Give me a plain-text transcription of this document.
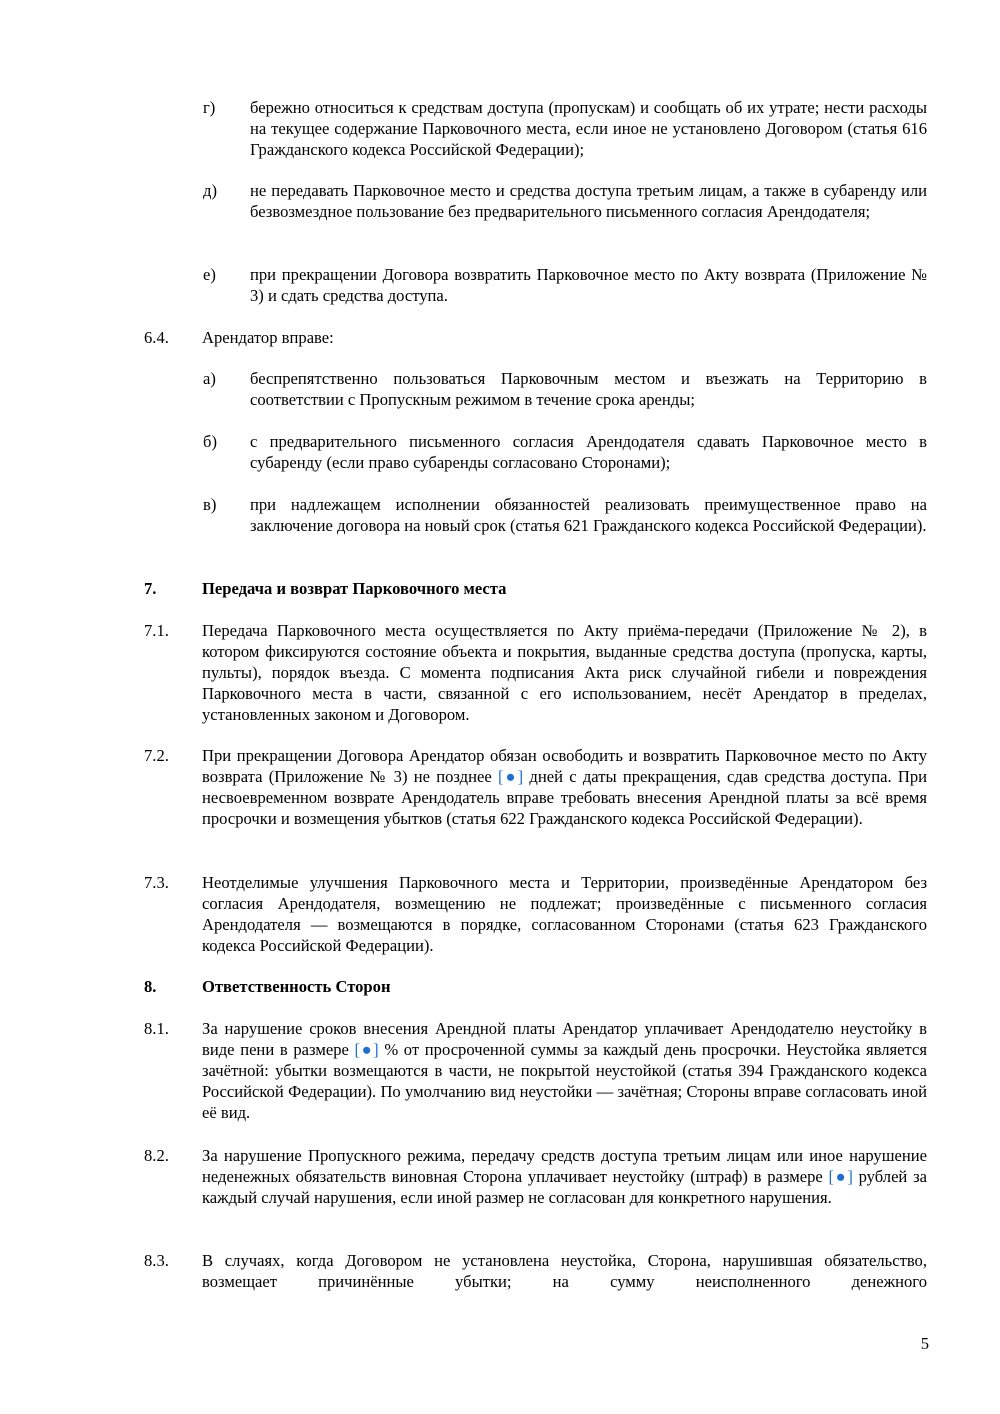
г)	бережно относиться к средствам доступа (пропускам) и сообщать об их утрате; нести расходы на текущее содержание Парковочного места, если иное не установлено Договором (статья 616 Гражданского кодекса Российской Федерации);
д)	не передавать Парковочное место и средства доступа третьим лицам, а также в субаренду или безвозмездное пользование без предварительного письменного согласия Арендодателя;
е)	при прекращении Договора возвратить Парковочное место по Акту возврата (Приложение № 3) и сдать средства доступа.
6.4.	Арендатор вправе:
а)	беспрепятственно пользоваться Парковочным местом и въезжать на Территорию в соответствии с Пропускным режимом в течение срока аренды;
б)	с предварительного письменного согласия Арендодателя сдавать Парковочное место в субаренду (если право субаренды согласовано Сторонами);
в)	при надлежащем исполнении обязанностей реализовать преимущественное право на заключение договора на новый срок (статья 621 Гражданского кодекса Российской Федерации).
7.	Передача и возврат Парковочного места
7.1.	Передача Парковочного места осуществляется по Акту приёма-передачи (Приложение № 2), в котором фиксируются состояние объекта и покрытия, выданные средства доступа (пропуска, карты, пульты), порядок въезда. С момента подписания Акта риск случайной гибели и повреждения Парковочного места в части, связанной с его использованием, несёт Арендатор в пределах, установленных законом и Договором.
7.2.	При прекращении Договора Арендатор обязан освободить и возвратить Парковочное место по Акту возврата (Приложение № 3) не позднее [●] дней с даты прекращения, сдав средства доступа. При несвоевременном возврате Арендодатель вправе требовать внесения Арендной платы за всё время просрочки и возмещения убытков (статья 622 Гражданского кодекса Российской Федерации).
7.3.	Неотделимые улучшения Парковочного места и Территории, произведённые Арендатором без согласия Арендодателя, возмещению не подлежат; произведённые с письменного согласия Арендодателя — возмещаются в порядке, согласованном Сторонами (статья 623 Гражданского кодекса Российской Федерации).
8.	Ответственность Сторон
8.1.	За нарушение сроков внесения Арендной платы Арендатор уплачивает Арендодателю неустойку в виде пени в размере [●] % от просроченной суммы за каждый день просрочки. Неустойка является зачётной: убытки возмещаются в части, не покрытой неустойкой (статья 394 Гражданского кодекса Российской Федерации). По умолчанию вид неустойки — зачётная; Стороны вправе согласовать иной её вид.
8.2.	За нарушение Пропускного режима, передачу средств доступа третьим лицам или иное нарушение неденежных обязательств виновная Сторона уплачивает неустойку (штраф) в размере [●] рублей за каждый случай нарушения, если иной размер не согласован для конкретного нарушения.
8.3.	В случаях, когда Договором не установлена неустойка, Сторона, нарушившая обязательство, возмещает причинённые убытки; на сумму неисполненного денежного
5
